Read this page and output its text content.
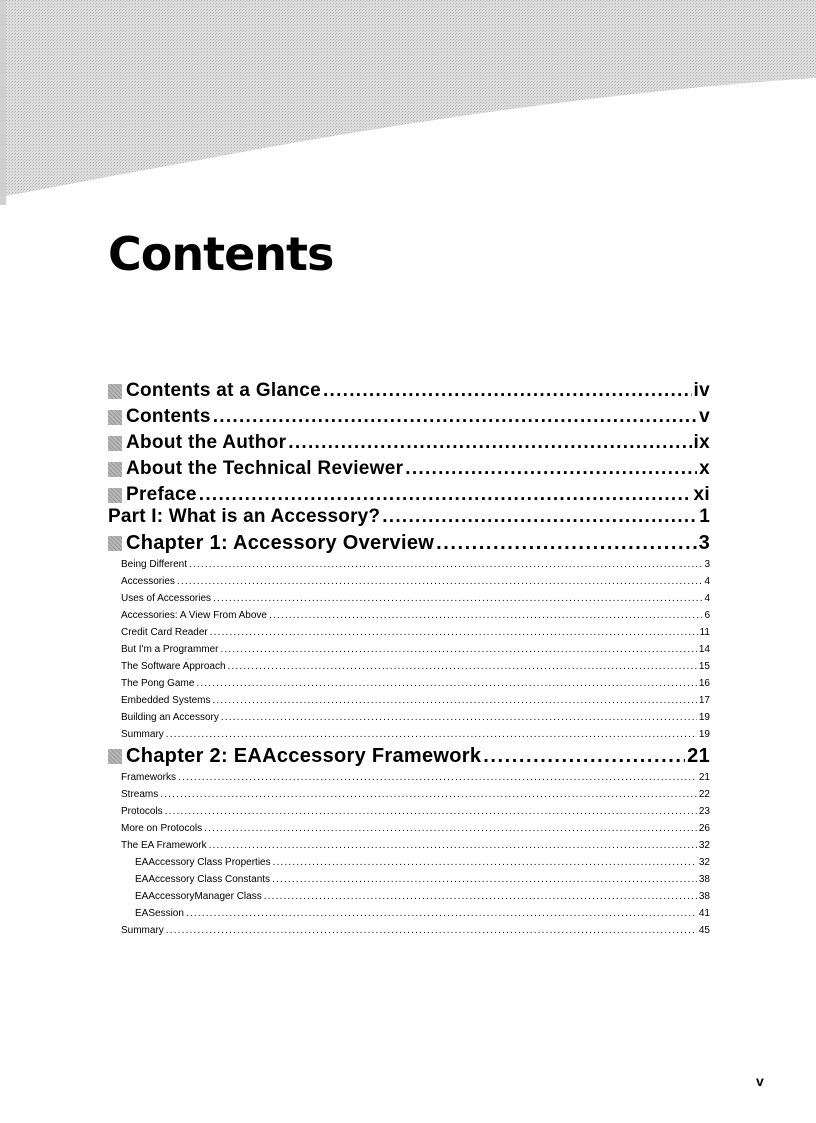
Contents
Contents at a Glance . . .	iv
Contents . . .	v
About the Author . . .	ix
About the Technical Reviewer . . .	x
Preface . . .	xi
Part I: What is an Accessory? . . .	1
Chapter 1: Accessory Overview . . .	3
Being Different . . .	3
Accessories . . .	4
Uses of Accessories . . .	4
Accessories: A View From Above . . .	6
Credit Card Reader . . .	11
But I'm a Programmer . . .	14
The Software Approach . . .	15
The Pong Game . . .	16
Embedded Systems . . .	17
Building an Accessory . . .	19
Summary . . .	19
Chapter 2: EAAccessory Framework . . .	21
Frameworks . . .	21
Streams . . .	22
Protocols . . .	23
More on Protocols . . .	26
The EA Framework . . .	32
EAAccessory Class Properties . . .	32
EAAccessory Class Constants . . .	38
EAAccessoryManager Class . . .	38
EASession . . .	41
Summary . . .	45
v
